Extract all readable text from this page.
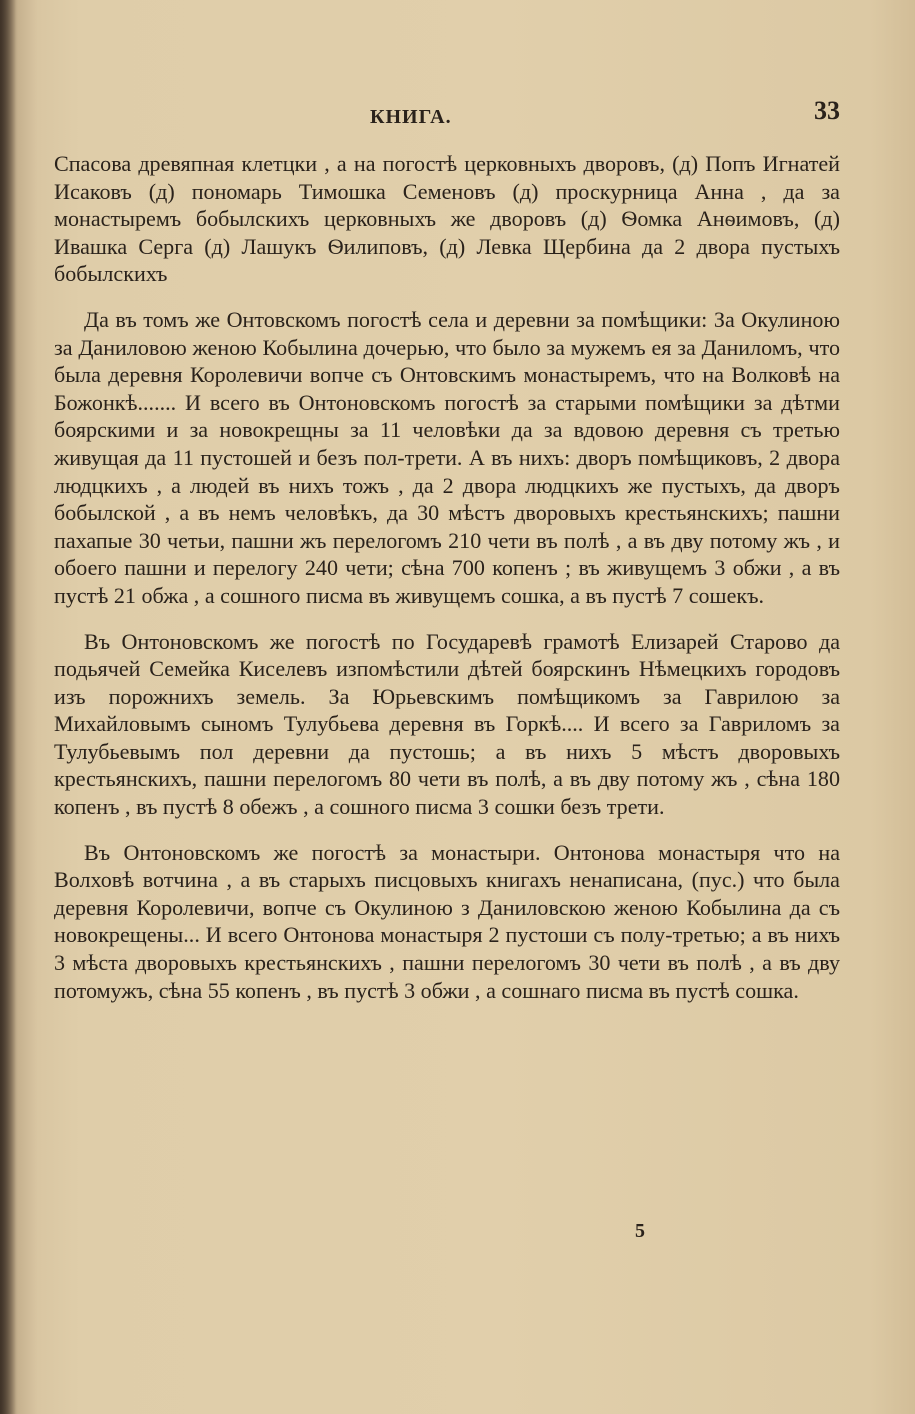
КНИГА.	33

Спасова древяпная клетцки , а на погостѣ церковныхъ дворовъ, (д) Попъ Игнатей Исаковъ (д) пономарь Тимошка Семеновъ (д) проскурница Анна , да за монастыремъ бобылскихъ церковныхъ же дворовъ (д) Ѳомка Анѳимовъ, (д) Ивашка Серга (д) Лашукъ Ѳилиповъ, (д) Левка Щербина да 2 двора пустыхъ бобылскихъ

Да въ томъ же Онтовскомъ погостѣ села и деревни за помѣщики: За Окулиною за Даниловою женою Кобылина дочерью, что было за мужемъ ея за Даниломъ, что была деревня Королевичи вопче съ Онтовскимъ монастыремъ, что на Волковѣ на Божонкѣ....... И всего въ Онтоновскомъ погостѣ за старыми помѣщики за дѣтми боярскими и за новокрещны за 11 человѣки да за вдовою деревня съ третью живущая да 11 пустошей и безъ пол-трети. А въ нихъ: дворъ помѣщиковъ, 2 двора людцкихъ , а людей въ нихъ тожъ , да 2 двора людцкихъ же пустыхъ, да дворъ бобылской , а въ немъ человѣкъ, да 30 мѣстъ дворовыхъ крестьянскихъ; пашни пахапые 30 четьи, пашни жъ перелогомъ 210 чети въ полѣ , а въ дву потому жъ , и обоего пашни и перелогу 240 чети; сѣна 700 копенъ ; въ живущемъ 3 обжи , а въ пустѣ 21 обжа , а сошного писма въ живущемъ сошка, а въ пустѣ 7 сошекъ.

Въ Онтоновскомъ же погостѣ по Государевѣ грамотѣ Елизарей Старово да подьячей Семейка Киселевъ изпомѣстили дѣтей боярскинъ Нѣмецкихъ городовъ изъ порожнихъ земель. За Юрьевскимъ помѣщикомъ за Гаврилою за Михайловымъ сыномъ Тулубьева деревня въ Горкѣ.... И всего за Гавриломъ за Тулубьевымъ пол деревни да пустошь; а въ нихъ 5 мѣстъ дворовыхъ крестьянскихъ, пашни перелогомъ 80 чети въ полѣ, а въ дву потому жъ , сѣна 180 копенъ , въ пустѣ 8 обежъ , а сошного писма 3 сошки безъ трети.

Въ Онтоновскомъ же погостѣ за монастыри. Онтонова монастыря что на Волховѣ вотчина , а въ старыхъ писцовыхъ книгахъ ненаписана, (пус.) что была деревня Королевичи, вопче съ Окулиною з Даниловскою женою Кобылина да съ новокрещены... И всего Онтонова монастыря 2 пустоши съ полу-третью; а въ нихъ 3 мѣста дворовыхъ крестьянскихъ , пашни перелогомъ 30 чети въ полѣ , а въ дву потомужъ, сѣна 55 копенъ , въ пустѣ 3 обжи , а сошнаго писма въ пустѣ сошка.

5
